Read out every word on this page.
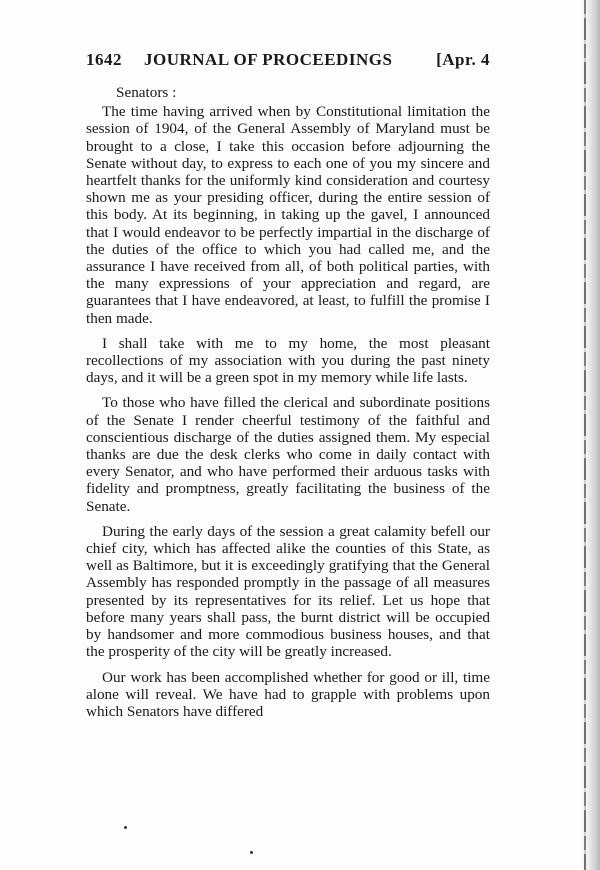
1642 JOURNAL OF PROCEEDINGS	[Apr. 4

Senators :

The time having arrived when by Constitutional limitation the session of 1904, of the General Assembly of Maryland must be brought to a close, I take this occasion before adjourning the Senate without day, to express to each one of you my sincere and heartfelt thanks for the uniformly kind consideration and courtesy shown me as your presiding officer, during the entire session of this body. At its beginning, in taking up the gavel, I announced that I would endeavor to be perfectly impartial in the discharge of the duties of the office to which you had called me, and the assurance I have received from all, of both political parties, with the many expressions of your appreciation and regard, are guarantees that I have endeavored, at least, to fulfill the promise I then made.

I shall take with me to my home, the most pleasant recollections of my association with you during the past ninety days, and it will be a green spot in my memory while life lasts.

To those who have filled the clerical and subordinate positions of the Senate I render cheerful testimony of the faithful and conscientious discharge of the duties assigned them. My especial thanks are due the desk clerks who come in daily contact with every Senator, and who have performed their arduous tasks with fidelity and promptness, greatly facilitating the business of the Senate.

During the early days of the session a great calamity befell our chief city, which has affected alike the counties of this State, as well as Baltimore, but it is exceedingly gratifying that the General Assembly has responded promptly in the passage of all measures presented by its representatives for its relief. Let us hope that before many years shall pass, the burnt district will be occupied by handsomer and more commodious business houses, and that the prosperity of the city will be greatly increased.

Our work has been accomplished whether for good or ill, time alone will reveal. We have had to grapple with problems upon which Senators have differed
